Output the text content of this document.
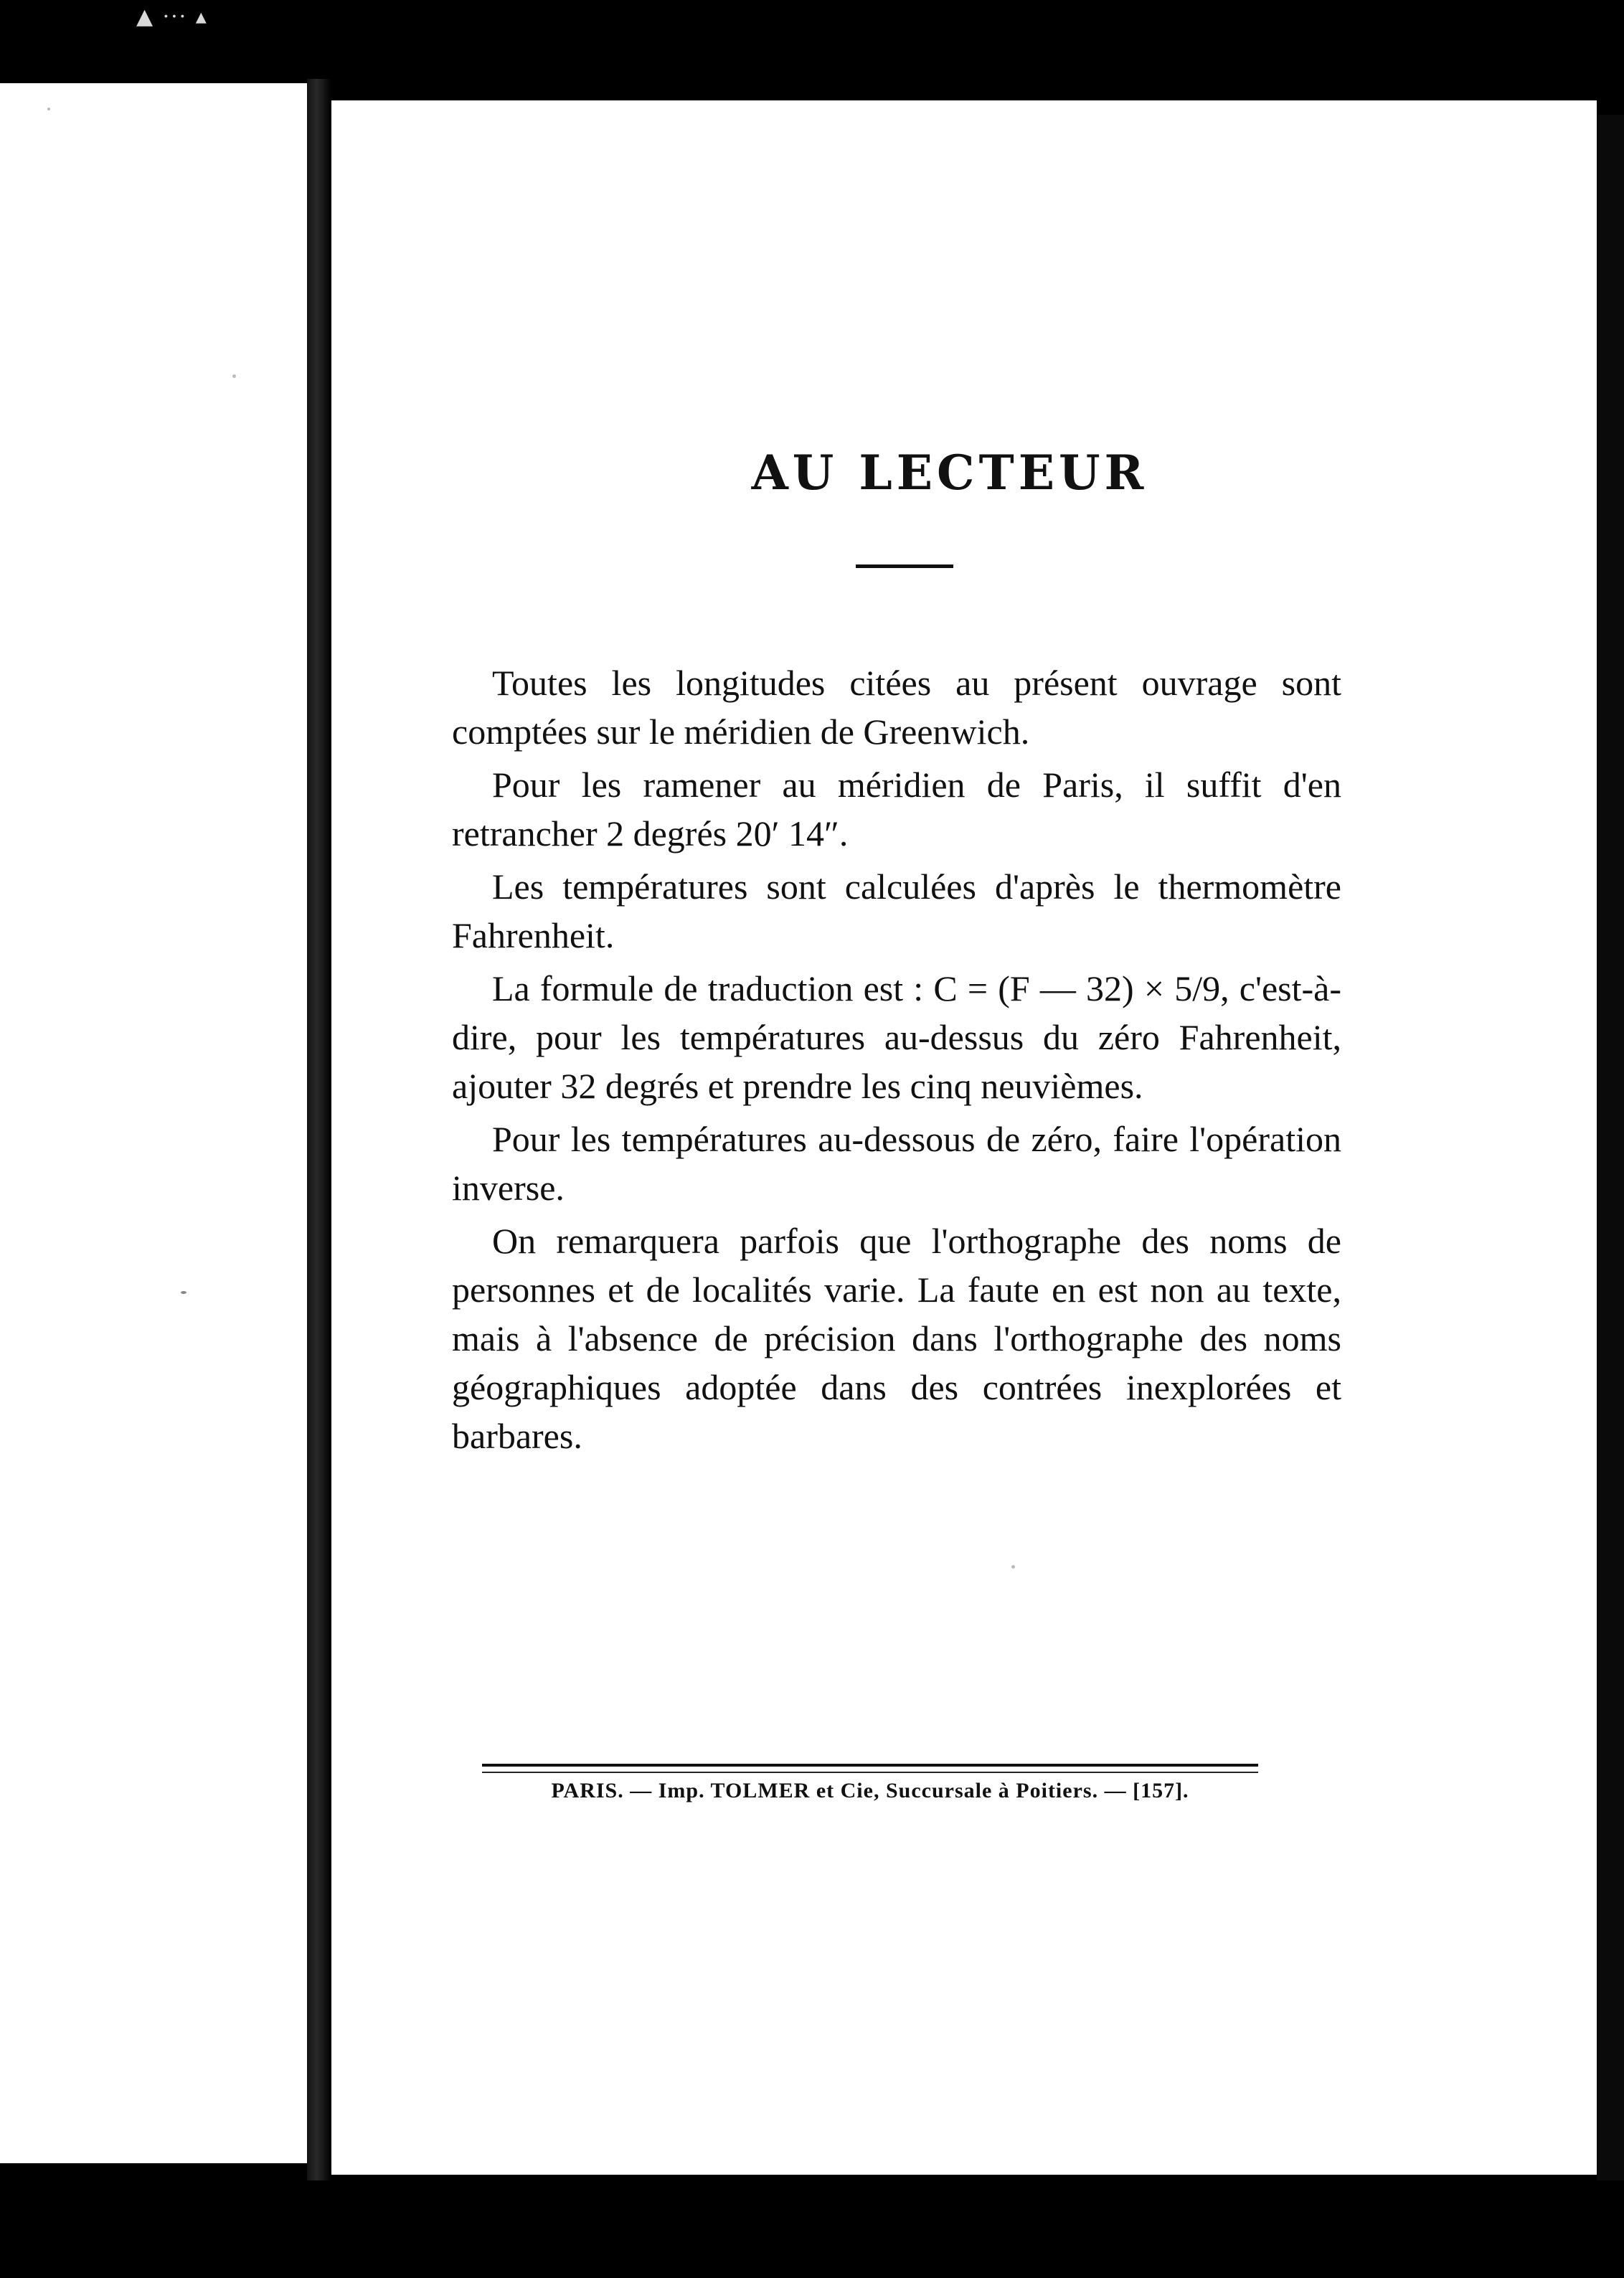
▲ ··· ▴
AU LECTEUR

Toutes les longitudes citées au présent ouvrage sont comptées sur le méridien de Greenwich.

Pour les ramener au méridien de Paris, il suffit d'en retrancher 2 degrés 20′ 14″.

Les températures sont calculées d'après le thermomètre Fahrenheit.

La formule de traduction est : C = (F — 32) × 5/9, c'est-à-dire, pour les températures au-dessus du zéro Fahrenheit, ajouter 32 degrés et prendre les cinq neuvièmes.

Pour les températures au-dessous de zéro, faire l'opération inverse.

On remarquera parfois que l'orthographe des noms de personnes et de localités varie. La faute en est non au texte, mais à l'absence de précision dans l'orthographe des noms géographiques adoptée dans des contrées inexplorées et barbares.

PARIS. — Imp. TOLMER et Cie, Succursale à Poitiers. — [157].
